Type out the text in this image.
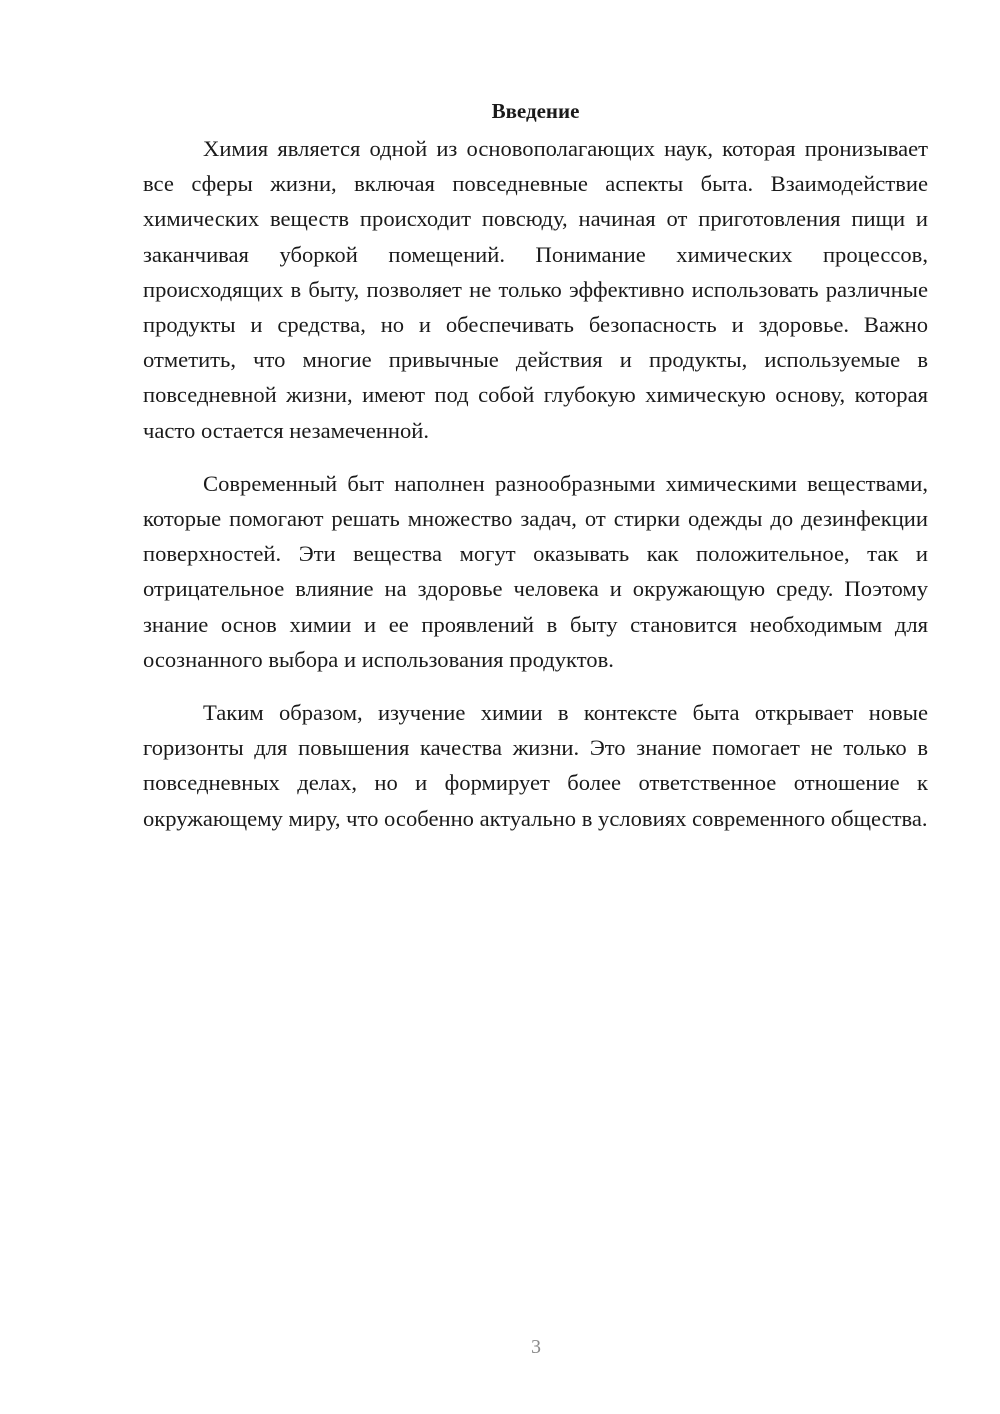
Введение

Химия является одной из основополагающих наук, которая пронизывает все сферы жизни, включая повседневные аспекты быта. Взаимодействие химических веществ происходит повсюду, начиная от приготовления пищи и заканчивая уборкой помещений. Понимание химических процессов, происходящих в быту, позволяет не только эффективно использовать различные продукты и средства, но и обеспечивать безопасность и здоровье. Важно отметить, что многие привычные действия и продукты, используемые в повседневной жизни, имеют под собой глубокую химическую основу, которая часто остается незамеченной.

Современный быт наполнен разнообразными химическими веществами, которые помогают решать множество задач, от стирки одежды до дезинфекции поверхностей. Эти вещества могут оказывать как положительное, так и отрицательное влияние на здоровье человека и окружающую среду. Поэтому знание основ химии и ее проявлений в быту становится необходимым для осознанного выбора и использования продуктов.

Таким образом, изучение химии в контексте быта открывает новые горизонты для повышения качества жизни. Это знание помогает не только в повседневных делах, но и формирует более ответственное отношение к окружающему миру, что особенно актуально в условиях современного общества.

3
